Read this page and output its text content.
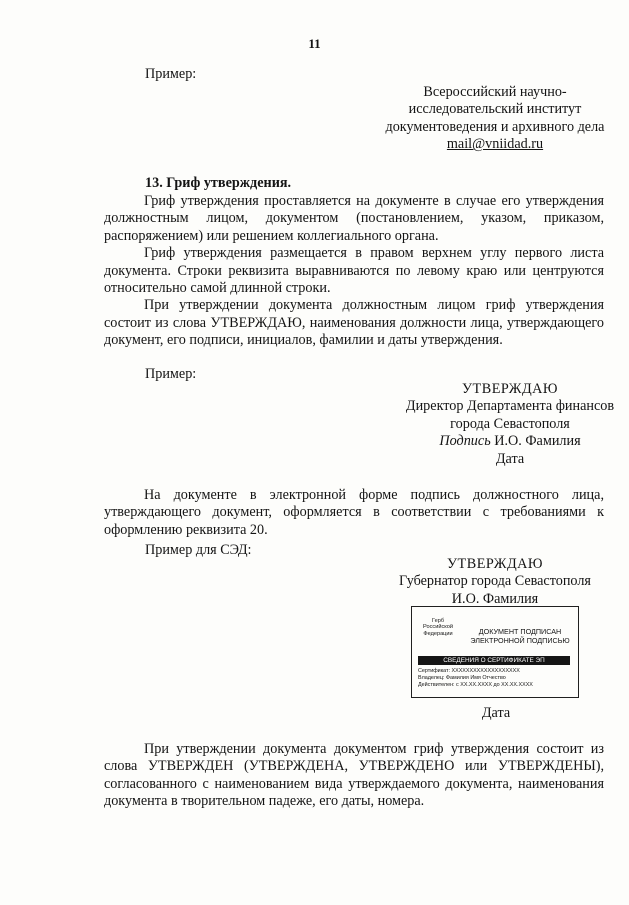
11
Пример:
Всероссийский научно-
исследовательский институт
документоведения и архивного дела
mail@vniidad.ru
13. Гриф утверждения.

Гриф утверждения проставляется на документе в случае его утверждения должностным лицом, документом (постановлением, указом, приказом, распоряжением) или решением коллегиального органа.

Гриф утверждения размещается в правом верхнем углу первого листа документа. Строки реквизита выравниваются по левому краю или центруются относительно самой длинной строки.

При утверждении документа должностным лицом гриф утверждения состоит из слова УТВЕРЖДАЮ, наименования должности лица, утверждающего документ, его подписи, инициалов, фамилии и даты утверждения.

Пример:
УТВЕРЖДАЮ
Директор Департамента финансов
города Севастополя
Подпись И.О. Фамилия
Дата

На документе в электронной форме подпись должностного лица, утверждающего документ, оформляется в соответствии с требованиями к оформлению реквизита 20.

Пример для СЭД:
УТВЕРЖДАЮ
Губернатор города Севастополя
И.О. Фамилия
Герб
Российской
Федерации	ДОКУМЕНТ ПОДПИСАН
ЭЛЕКТРОННОЙ ПОДПИСЬЮ
СВЕДЕНИЯ О СЕРТИФИКАТЕ ЭП
Сертификат: XXXXXXXXXXXXXXXXXXX
Владелец: Фамилия Имя Отчество
Действителен: с XX.XX.XXXX до XX.XX.XXXX
Дата

При утверждении документа документом гриф утверждения состоит из слова УТВЕРЖДЕН (УТВЕРЖДЕНА, УТВЕРЖДЕНО или УТВЕРЖДЕНЫ), согласованного с наименованием вида утверждаемого документа, наименования документа в творительном падеже, его даты, номера.
